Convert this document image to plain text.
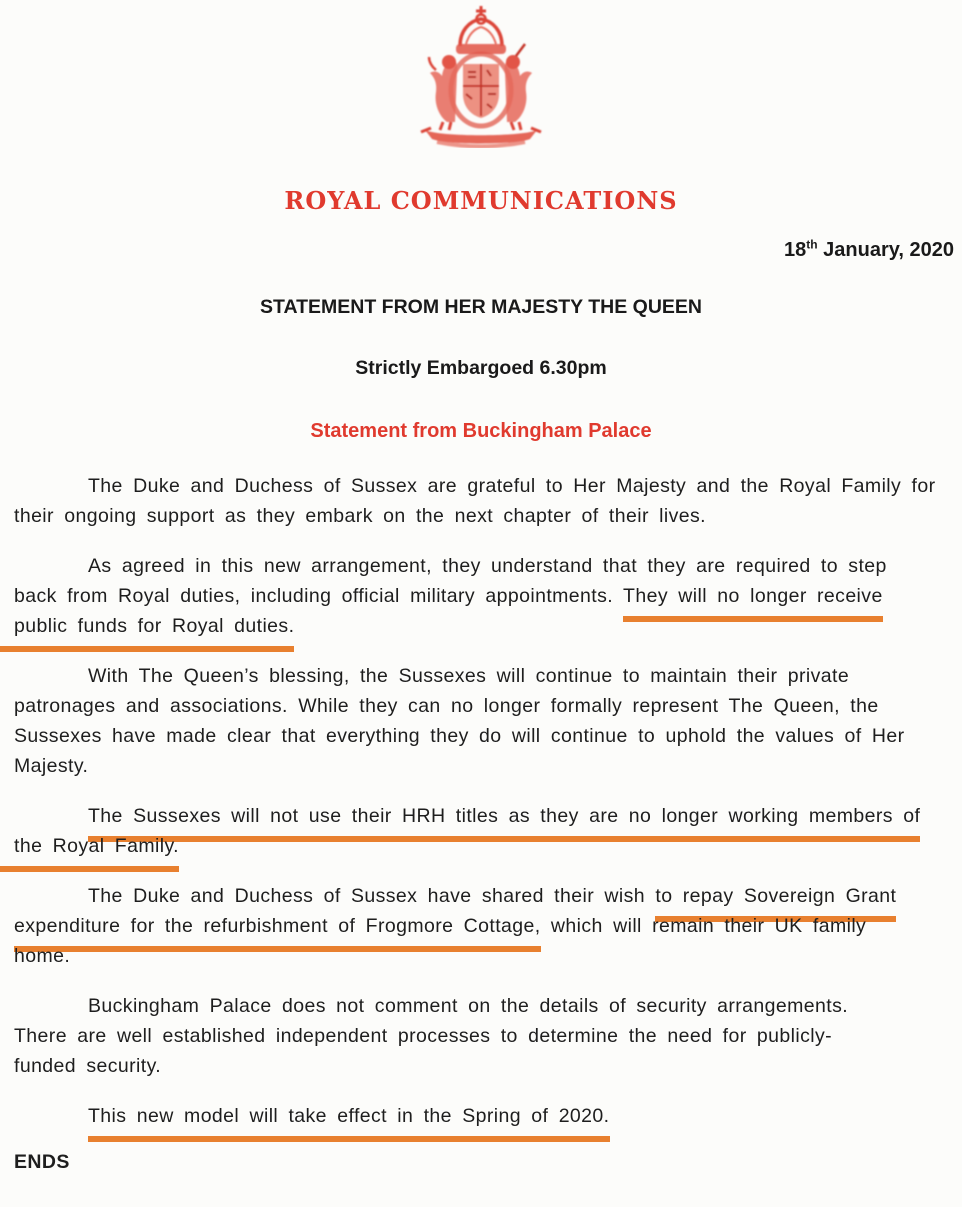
ROYAL COMMUNICATIONS
18th January, 2020
STATEMENT FROM HER MAJESTY THE QUEEN
Strictly Embargoed 6.30pm
Statement from Buckingham Palace
The Duke and Duchess of Sussex are grateful to Her Majesty and the Royal Family for
their ongoing support as they embark on the next chapter of their lives.
As agreed in this new arrangement, they understand that they are required to step
back from Royal duties, including official military appointments. They will no longer receive
public funds for Royal duties.
With The Queen’s blessing, the Sussexes will continue to maintain their private
patronages and associations. While they can no longer formally represent The Queen, the
Sussexes have made clear that everything they do will continue to uphold the values of Her
Majesty.
The Sussexes will not use their HRH titles as they are no longer working members of
the Royal Family.
The Duke and Duchess of Sussex have shared their wish to repay Sovereign Grant
expenditure for the refurbishment of Frogmore Cottage, which will remain their UK family
home.
Buckingham Palace does not comment on the details of security arrangements.
There are well established independent processes to determine the need for publicly-
funded security.
This new model will take effect in the Spring of 2020.
ENDS
